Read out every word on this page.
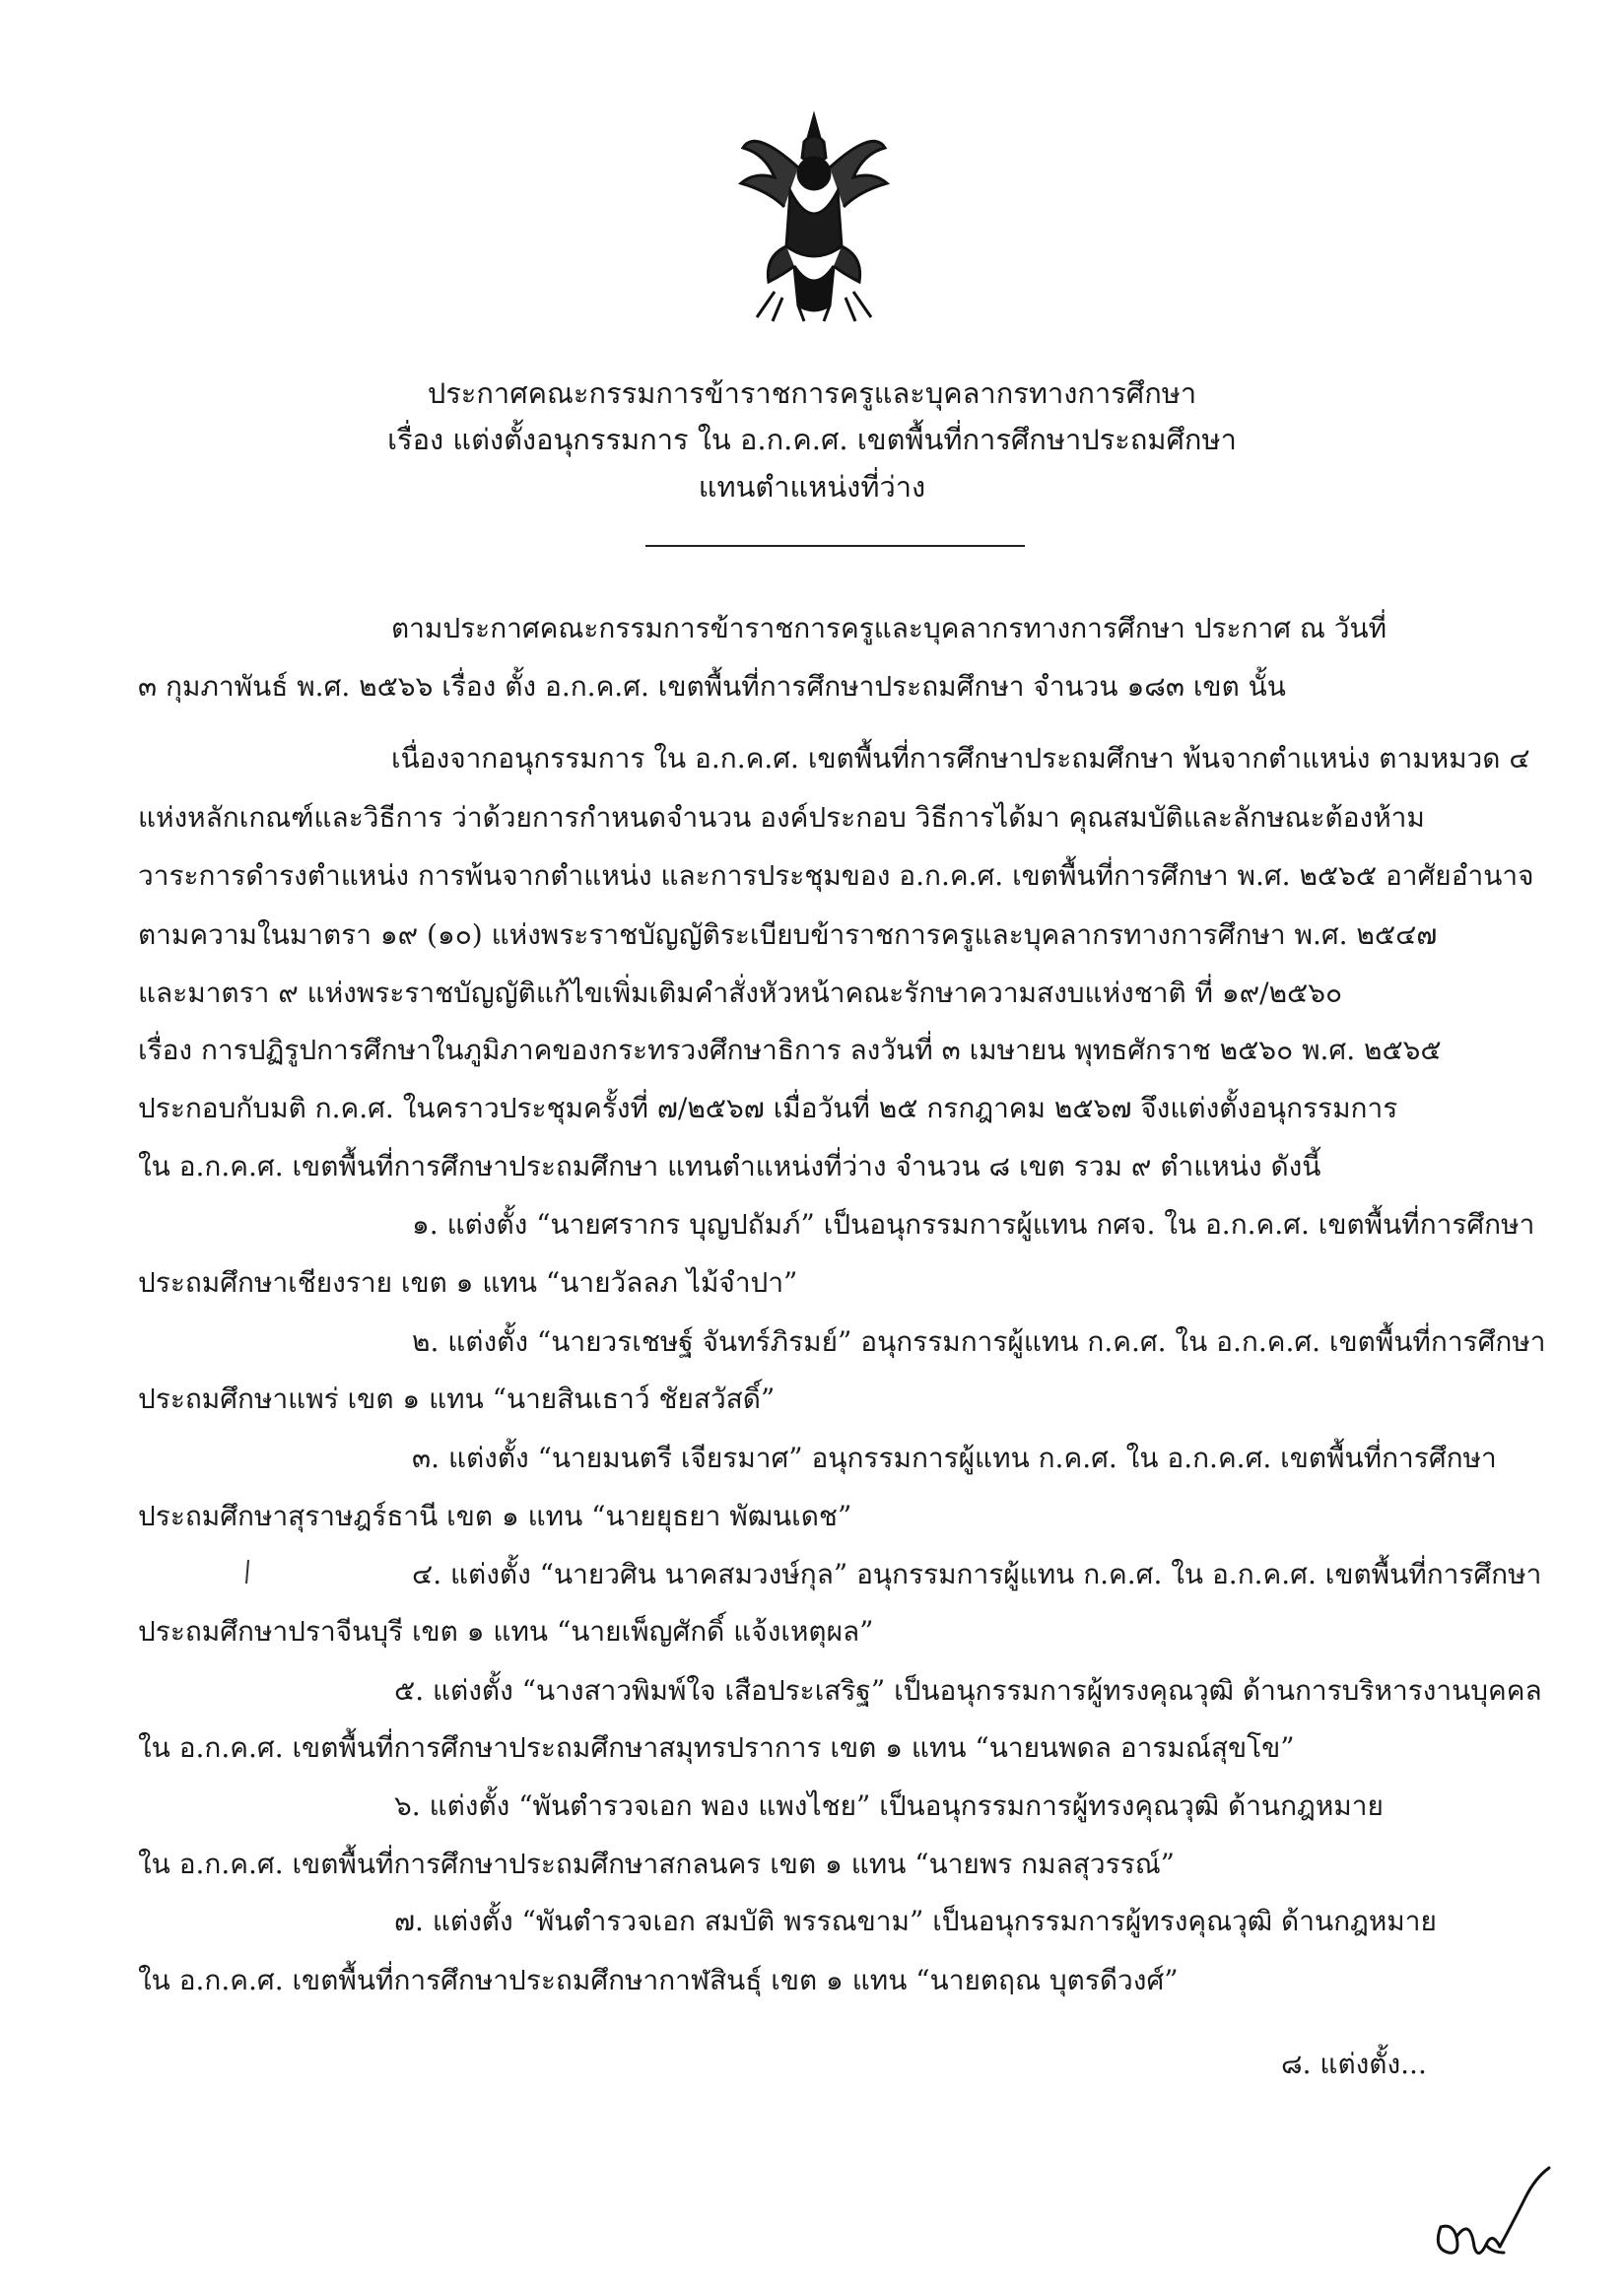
ประกาศคณะกรรมการข้าราชการครูและบุคลากรทางการศึกษา
เรื่อง แต่งตั้งอนุกรรมการ ใน อ.ก.ค.ศ. เขตพื้นที่การศึกษาประถมศึกษา
แทนตำแหน่งที่ว่าง
ตามประกาศคณะกรรมการข้าราชการครูและบุคลากรทางการศึกษา ประกาศ ณ วันที่
๓ กุมภาพันธ์ พ.ศ. ๒๕๖๖ เรื่อง ตั้ง อ.ก.ค.ศ. เขตพื้นที่การศึกษาประถมศึกษา จำนวน ๑๘๓ เขต นั้น
เนื่องจากอนุกรรมการ ใน อ.ก.ค.ศ. เขตพื้นที่การศึกษาประถมศึกษา พ้นจากตำแหน่ง ตามหมวด ๔
แห่งหลักเกณฑ์และวิธีการ ว่าด้วยการกำหนดจำนวน องค์ประกอบ วิธีการได้มา คุณสมบัติและลักษณะต้องห้าม
วาระการดำรงตำแหน่ง การพ้นจากตำแหน่ง และการประชุมของ อ.ก.ค.ศ. เขตพื้นที่การศึกษา พ.ศ. ๒๕๖๕ อาศัยอำนาจ
ตามความในมาตรา ๑๙ (๑๐) แห่งพระราชบัญญัติระเบียบข้าราชการครูและบุคลากรทางการศึกษา พ.ศ. ๒๕๔๗
และมาตรา ๙ แห่งพระราชบัญญัติแก้ไขเพิ่มเติมคำสั่งหัวหน้าคณะรักษาความสงบแห่งชาติ ที่ ๑๙/๒๕๖๐
เรื่อง การปฏิรูปการศึกษาในภูมิภาคของกระทรวงศึกษาธิการ ลงวันที่ ๓ เมษายน พุทธศักราช ๒๕๖๐ พ.ศ. ๒๕๖๕
ประกอบกับมติ ก.ค.ศ. ในคราวประชุมครั้งที่ ๗/๒๕๖๗ เมื่อวันที่ ๒๕ กรกฎาคม ๒๕๖๗ จึงแต่งตั้งอนุกรรมการ
ใน อ.ก.ค.ศ. เขตพื้นที่การศึกษาประถมศึกษา แทนตำแหน่งที่ว่าง จำนวน ๘ เขต รวม ๙ ตำแหน่ง ดังนี้
๑. แต่งตั้ง “นายศรากร บุญปถัมภ์” เป็นอนุกรรมการผู้แทน กศจ. ใน อ.ก.ค.ศ. เขตพื้นที่การศึกษา
ประถมศึกษาเชียงราย เขต ๑ แทน “นายวัลลภ ไม้จำปา”
๒. แต่งตั้ง “นายวรเชษฐ์ จันทร์ภิรมย์” อนุกรรมการผู้แทน ก.ค.ศ. ใน อ.ก.ค.ศ. เขตพื้นที่การศึกษา
ประถมศึกษาแพร่ เขต ๑ แทน “นายสินเธาว์ ชัยสวัสดิ์”
๓. แต่งตั้ง “นายมนตรี เจียรมาศ” อนุกรรมการผู้แทน ก.ค.ศ. ใน อ.ก.ค.ศ. เขตพื้นที่การศึกษา
ประถมศึกษาสุราษฎร์ธานี เขต ๑ แทน “นายยุธยา พัฒนเดช”
๔. แต่งตั้ง “นายวศิน นาคสมวงษ์กุล” อนุกรรมการผู้แทน ก.ค.ศ. ใน อ.ก.ค.ศ. เขตพื้นที่การศึกษา
ประถมศึกษาปราจีนบุรี เขต ๑ แทน “นายเพ็ญศักดิ์ แจ้งเหตุผล”
๕. แต่งตั้ง “นางสาวพิมพ์ใจ เสือประเสริฐ” เป็นอนุกรรมการผู้ทรงคุณวุฒิ ด้านการบริหารงานบุคคล
ใน อ.ก.ค.ศ. เขตพื้นที่การศึกษาประถมศึกษาสมุทรปราการ เขต ๑ แทน “นายนพดล อารมณ์สุขโข”
๖. แต่งตั้ง “พันตำรวจเอก พอง แพงไชย” เป็นอนุกรรมการผู้ทรงคุณวุฒิ ด้านกฎหมาย
ใน อ.ก.ค.ศ. เขตพื้นที่การศึกษาประถมศึกษาสกลนคร เขต ๑ แทน “นายพร กมลสุวรรณ์”
๗. แต่งตั้ง “พันตำรวจเอก สมบัติ พรรณขาม” เป็นอนุกรรมการผู้ทรงคุณวุฒิ ด้านกฎหมาย
ใน อ.ก.ค.ศ. เขตพื้นที่การศึกษาประถมศึกษากาฬสินธุ์ เขต ๑ แทน “นายตฤณ บุตรดีวงศ์”
๘. แต่งตั้ง...
